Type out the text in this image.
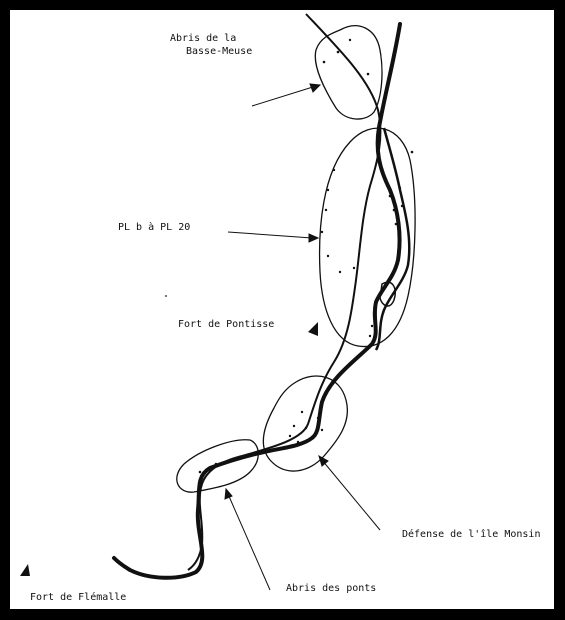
Abris de la
Basse-Meuse
PL b à PL 20
Fort de Pontisse
Défense de l'île Monsin
Abris des ponts
Fort de Flémalle
